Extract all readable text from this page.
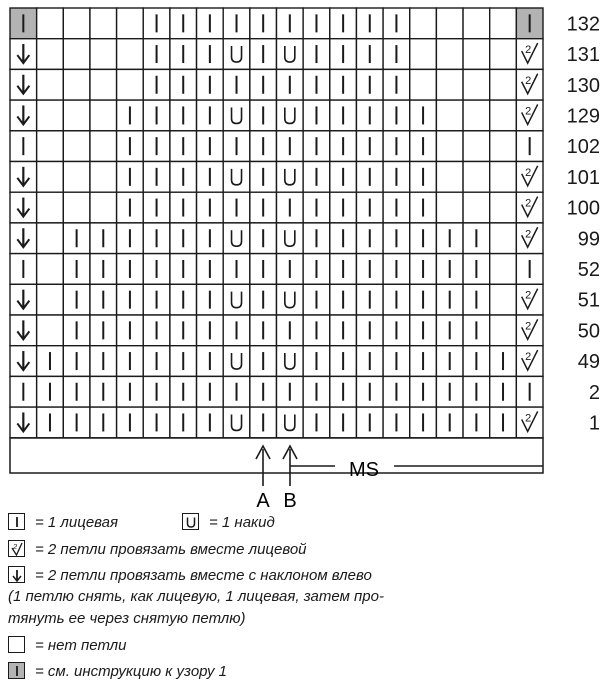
2
2
2
2
2
2
2
2
2
2
132
131
130
129
102
101
100
99
52
51
50
49
2
1
MS
A B
= 1 лицевая	= 1 накид
2 = 2 петли провязать вместе лицевой
= 2 петли провязать вместе с наклоном влево
(1 петлю снять, как лицевую, 1 лицевая, затем про-
тянуть ее через снятую петлю)
= нет петли
= см. инструкцию к узору 1
